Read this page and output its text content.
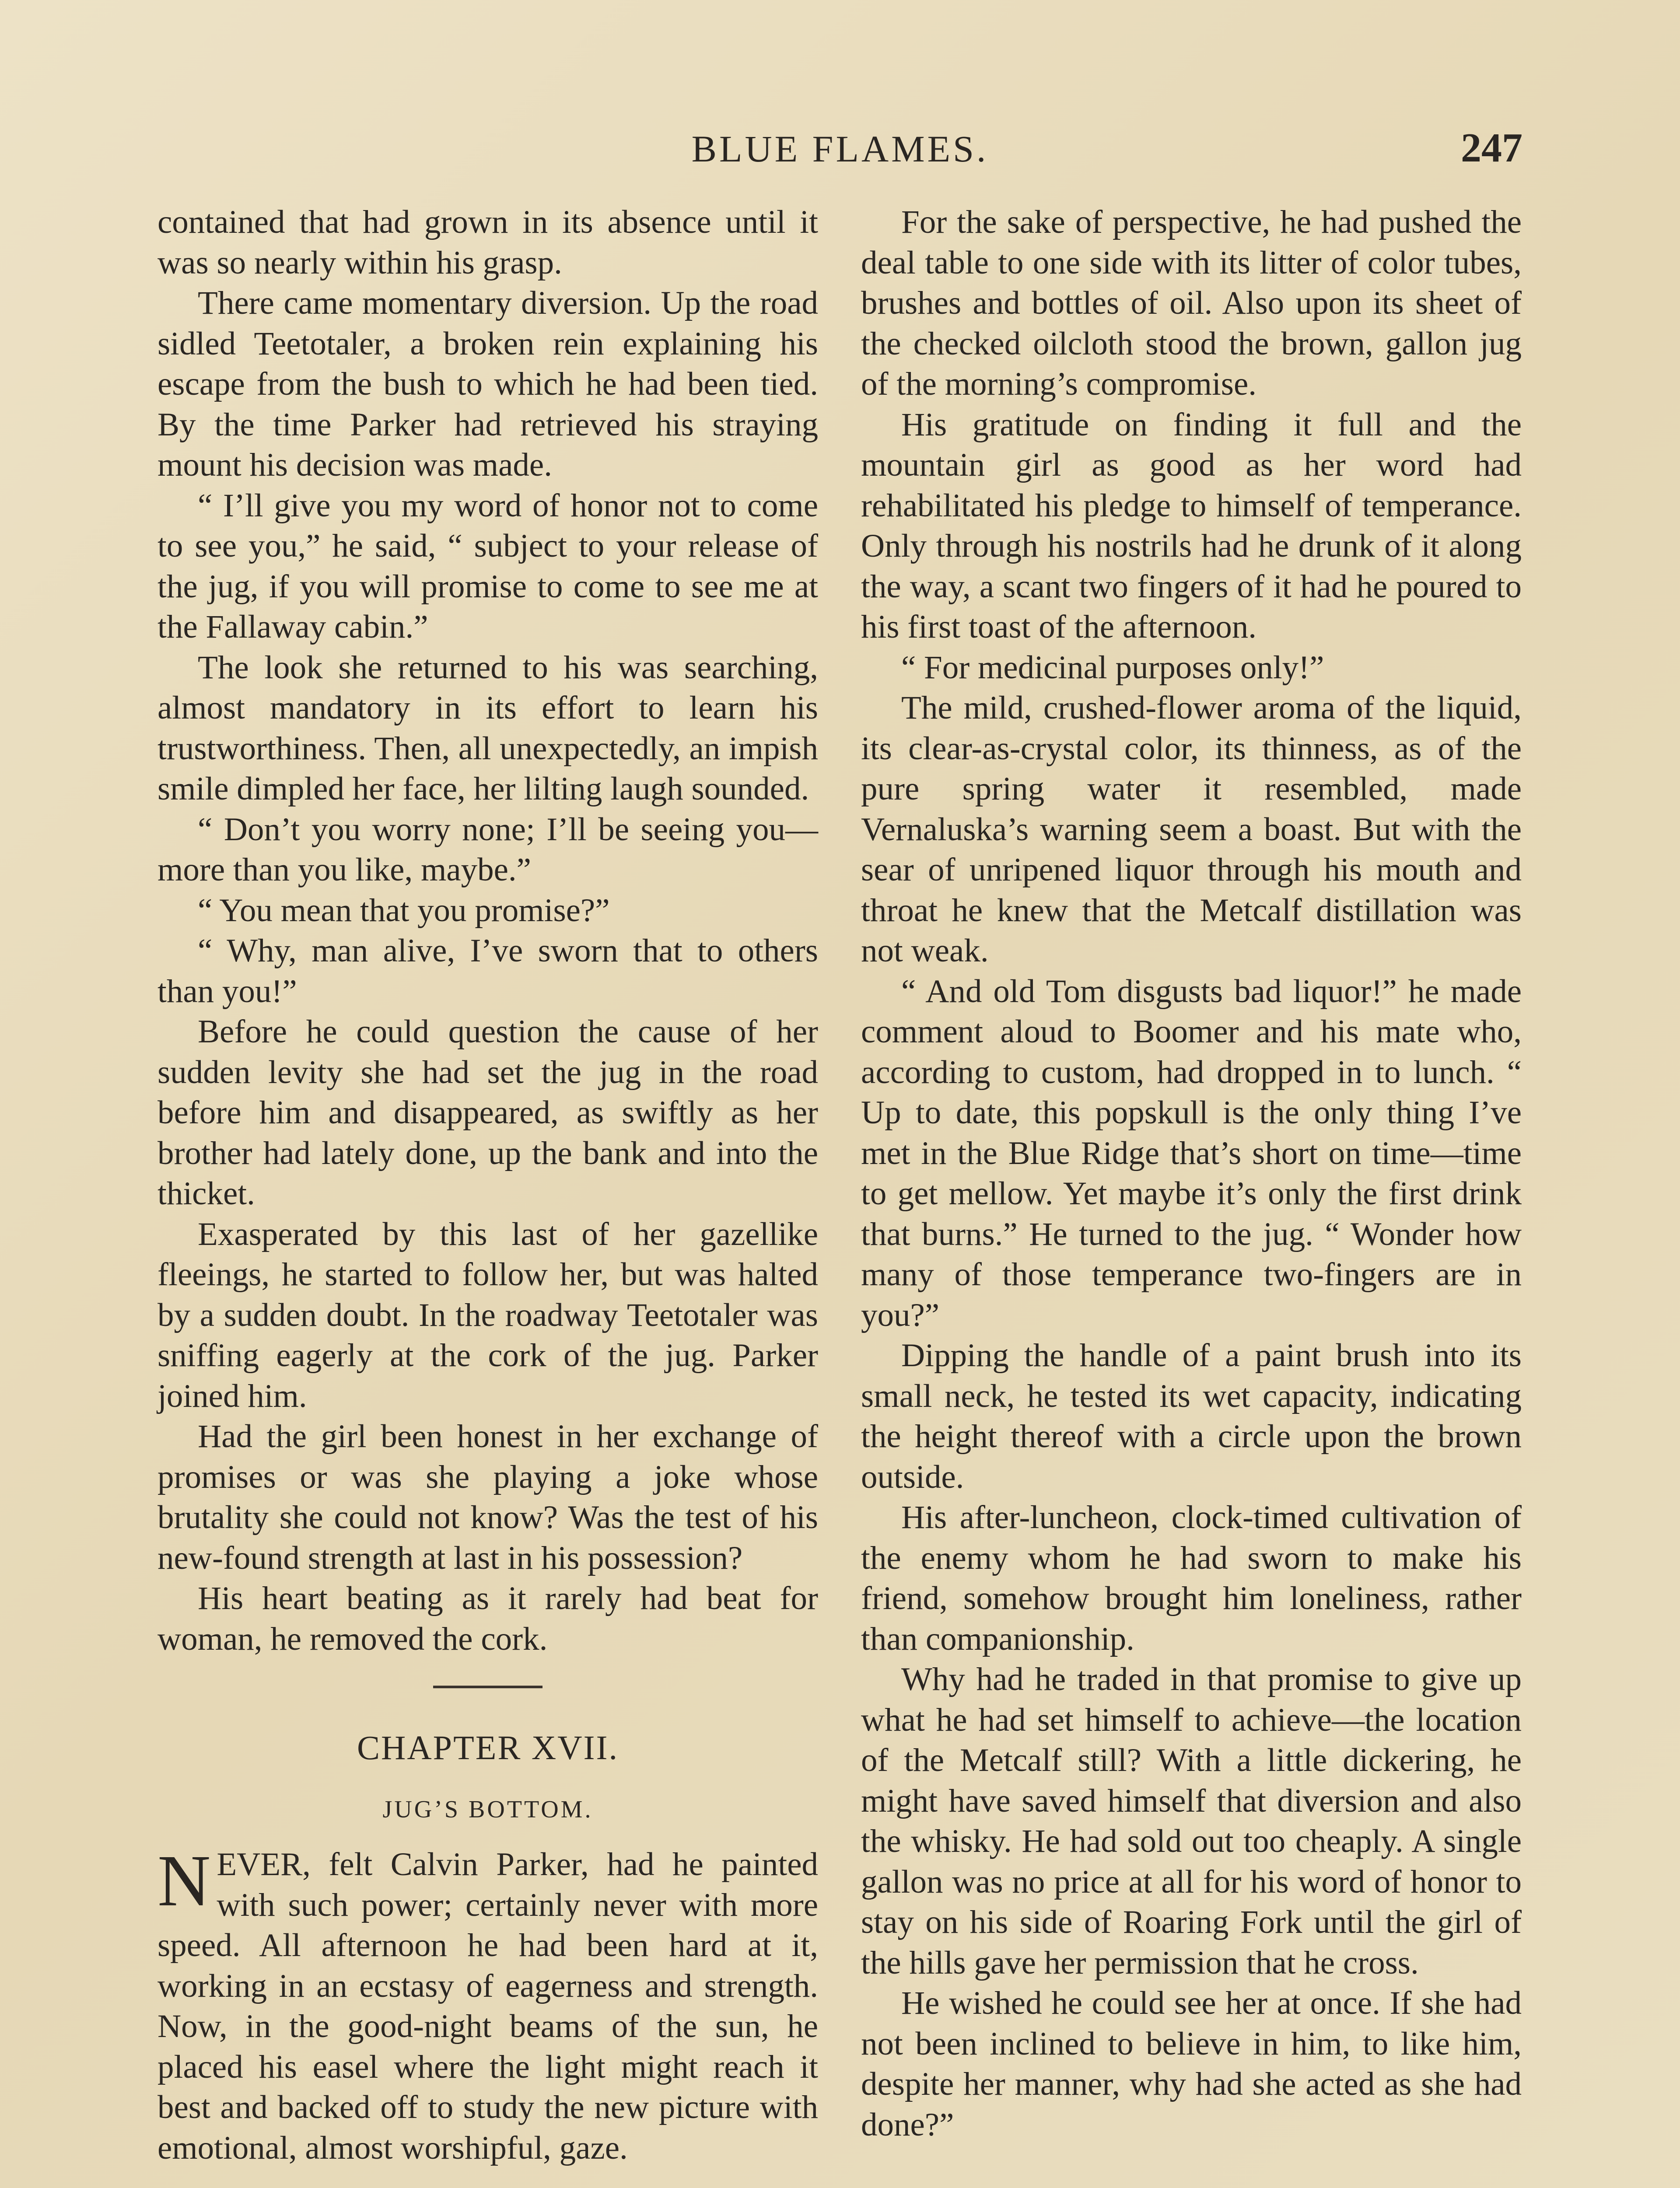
BLUE FLAMES.	247

contained that had grown in its absence until it was so nearly within his grasp.

There came momentary diversion. Up the road sidled Teetotaler, a broken rein explaining his escape from the bush to which he had been tied. By the time Parker had retrieved his straying mount his decision was made.

“ I’ll give you my word of honor not to come to see you,” he said, “ subject to your release of the jug, if you will promise to come to see me at the Fallaway cabin.”

The look she returned to his was searching, almost mandatory in its effort to learn his trustworthiness. Then, all unexpectedly, an impish smile dimpled her face, her lilting laugh sounded.

“ Don’t you worry none; I’ll be seeing you—more than you like, maybe.”

“ You mean that you promise?”

“ Why, man alive, I’ve sworn that to others than you!”

Before he could question the cause of her sudden levity she had set the jug in the road before him and disappeared, as swiftly as her brother had lately done, up the bank and into the thicket.

Exasperated by this last of her gazellike fleeings, he started to follow her, but was halted by a sudden doubt. In the roadway Teetotaler was sniffing eagerly at the cork of the jug. Parker joined him.

Had the girl been honest in her exchange of promises or was she playing a joke whose brutality she could not know? Was the test of his new-found strength at last in his possession?

His heart beating as it rarely had beat for woman, he removed the cork.

CHAPTER XVII.
JUG’S BOTTOM.

NEVER, felt Calvin Parker, had he painted with such power; certainly never with more speed. All afternoon he had been hard at it, working in an ecstasy of eagerness and strength. Now, in the good-night beams of the sun, he placed his easel where the light might reach it best and backed off to study the new picture with emotional, almost worshipful, gaze.

For the sake of perspective, he had pushed the deal table to one side with its litter of color tubes, brushes and bottles of oil. Also upon its sheet of the checked oilcloth stood the brown, gallon jug of the morning’s compromise.

His gratitude on finding it full and the mountain girl as good as her word had rehabilitated his pledge to himself of temperance. Only through his nostrils had he drunk of it along the way, a scant two fingers of it had he poured to his first toast of the afternoon.

“ For medicinal purposes only!”

The mild, crushed-flower aroma of the liquid, its clear-as-crystal color, its thinness, as of the pure spring water it resembled, made Vernaluska’s warning seem a boast. But with the sear of unripened liquor through his mouth and throat he knew that the Metcalf distillation was not weak.

“ And old Tom disgusts bad liquor!” he made comment aloud to Boomer and his mate who, according to custom, had dropped in to lunch. “ Up to date, this popskull is the only thing I’ve met in the Blue Ridge that’s short on time—time to get mellow. Yet maybe it’s only the first drink that burns.” He turned to the jug. “ Wonder how many of those temperance two-fingers are in you?”

Dipping the handle of a paint brush into its small neck, he tested its wet capacity, indicating the height thereof with a circle upon the brown outside.

His after-luncheon, clock-timed cultivation of the enemy whom he had sworn to make his friend, somehow brought him loneliness, rather than companionship.

Why had he traded in that promise to give up what he had set himself to achieve—the location of the Metcalf still? With a little dickering, he might have saved himself that diversion and also the whisky. He had sold out too cheaply. A single gallon was no price at all for his word of honor to stay on his side of Roaring Fork until the girl of the hills gave her permission that he cross.

He wished he could see her at once. If she had not been inclined to believe in him, to like him, despite her manner, why had she acted as she had done?”
